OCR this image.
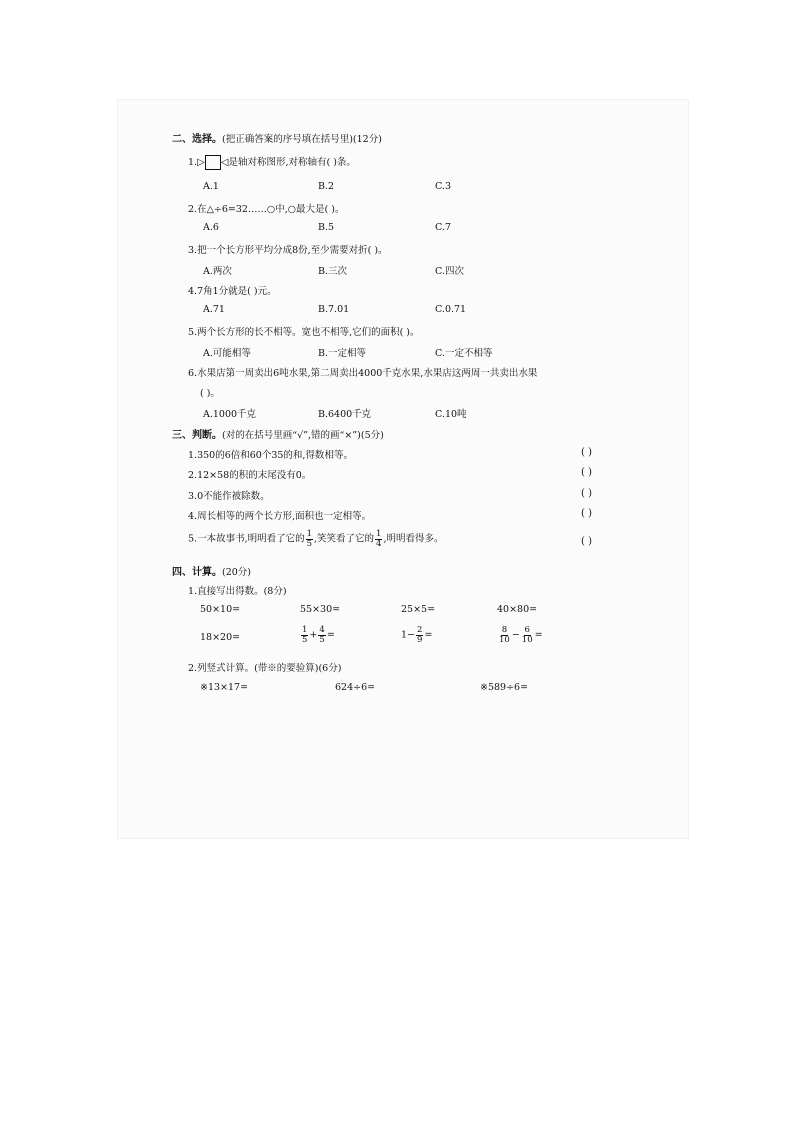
二、选择。(把正确答案的序号填在括号里)(12分)
1.▷ ◁是轴对称图形,对称轴有( )条。
A.1	B.2	C.3
2.在△÷6=32……○中,○最大是( )。
A.6	B.5	C.7
3.把一个长方形平均分成8份,至少需要对折( )。
A.两次	B.三次	C.四次
4.7角1分就是( )元。
A.71	B.7.01	C.0.71
5.两个长方形的长不相等。宽也不相等,它们的面积( )。
A.可能相等	B.一定相等	C.一定不相等
6.水果店第一周卖出6吨水果,第二周卖出4000千克水果,水果店这两周一共卖出水果
( )。
A.1000千克	B.6400千克	C.10吨
三、判断。(对的在括号里画“√”,错的画“×”)(5分)
1.350的6倍和60个35的和,得数相等。	( )
2.12×58的积的末尾没有0。	( )
3.0不能作被除数。	( )
4.周长相等的两个长方形,面积也一定相等。	( )
5.一本故事书,明明看了它的 $\frac{1}{5}$ ,笑笑看了它的 $\frac{1}{4}$ ,明明看得多。	( )
四、计算。(20分)
1.直接写出得数。(8分)
50×10=	55×30=	25×5=	40×80=
18×20=	$\frac{1}{5} + \frac{4}{5}$ =	$1- \frac{2}{9}$ =	$\frac{8}{10} - \frac{6}{10}$ =
2.列竖式计算。(带※的要验算)(6分)
※13×17=	624÷6=	※589÷6=
